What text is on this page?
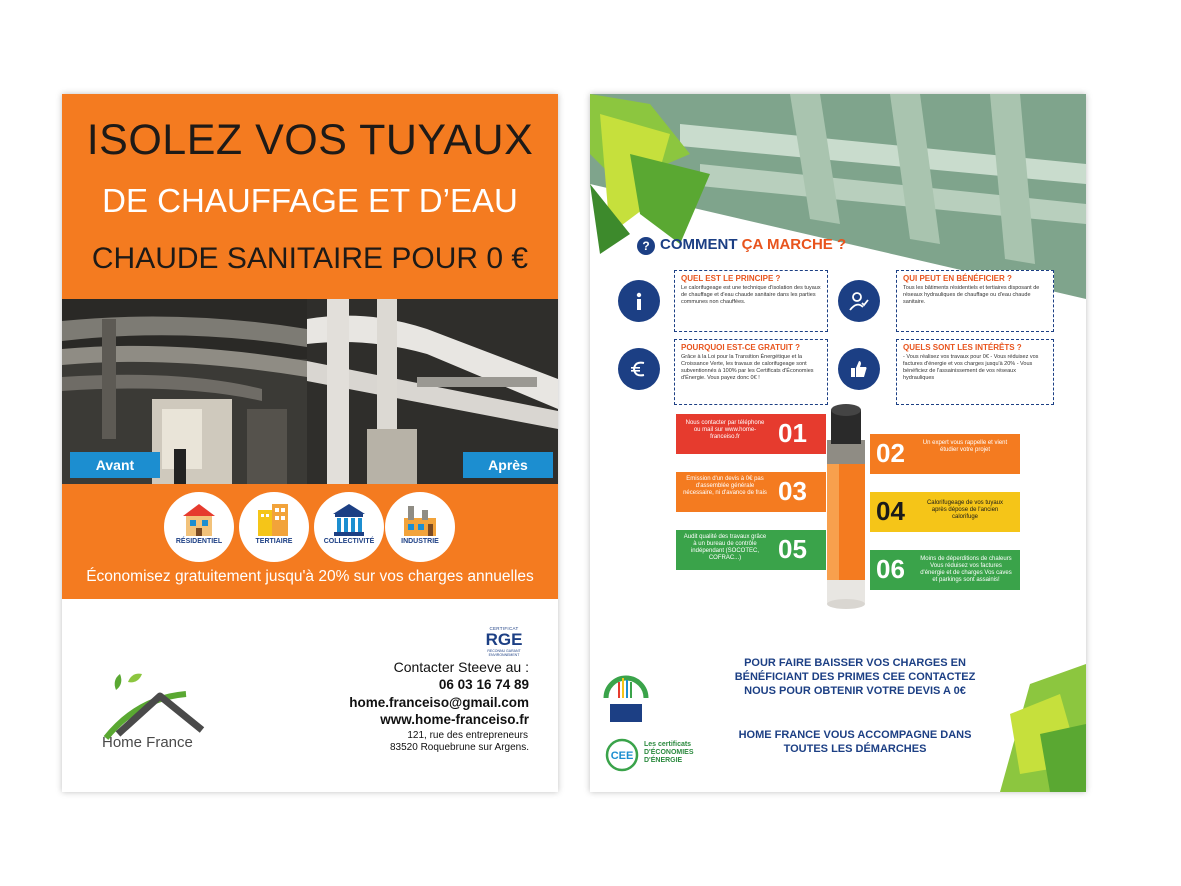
ISOLEZ VOS TUYAUX
DE CHAUFFAGE ET D’EAU
CHAUDE SANITAIRE POUR 0 €
Avant	Après
RÉSIDENTIEL	TERTIAIRE	COLLECTIVITÉ	INDUSTRIE
Économisez gratuitement jusqu'à 20% sur vos charges annuelles
Home France
CERTIFICAT
RGE
RECONNU GARANT ENVIRONNEMENT
Contacter Steeve au :
06 03 16 74 89
home.franceiso@gmail.com
www.home-franceiso.fr
121, rue des entrepreneurs
83520 Roquebrune sur Argens.
? COMMENT ÇA MARCHE ?
QUEL EST LE PRINCIPE ?
Le calorifugeage est une technique d'isolation des tuyaux de chauffage et d'eau chaude sanitaire dans les parties communes non chauffées.
QUI PEUT EN BÉNÉFICIER ?
Tous les bâtiments résidentiels et tertiaires disposant de réseaux hydrauliques de chauffage ou d'eau chaude sanitaire.
POURQUOI EST-CE GRATUIT ?
Grâce à la Loi pour la Transition Énergétique et la Croissance Verte, les travaux de calorifugeage sont subventionnés à 100% par les Certificats d'Économies d'Énergie. Vous payez donc 0€ !
QUELS SONT LES INTÉRÊTS ?
- Vous réalisez vos travaux pour 0€ - Vous réduisez vos factures d'énergie et vos charges jusqu'à 20% - Vous bénéficiez de l'assainissement de vos réseaux hydrauliques
Nous contacter par téléphone ou mail sur www.home-franceiso.fr	01
02	Un expert vous rappelle et vient étudier votre projet
Emission d'un devis à 0€ pas d'assemblée générale nécessaire, ni d'avance de frais 03
04	Calorifugeage de vos tuyaux après dépose de l'ancien calorifuge
Audit qualité des travaux grâce à un bureau de contrôle indépendant (SOCOTEC, COFRAC...)	05
06	Moins de déperditions de chaleurs Vous réduisez vos factures d'énergie et de charges Vos caves et parkings sont assainis!
POUR FAIRE BAISSER VOS CHARGES EN BÉNÉFICIANT DES PRIMES CEE CONTACTEZ NOUS POUR OBTENIR VOTRE DEVIS A 0€
HOME FRANCE VOUS ACCOMPAGNE DANS TOUTES LES DÉMARCHES
CEE
Les certificats D'ÉCONOMIES D'ÉNERGIE
